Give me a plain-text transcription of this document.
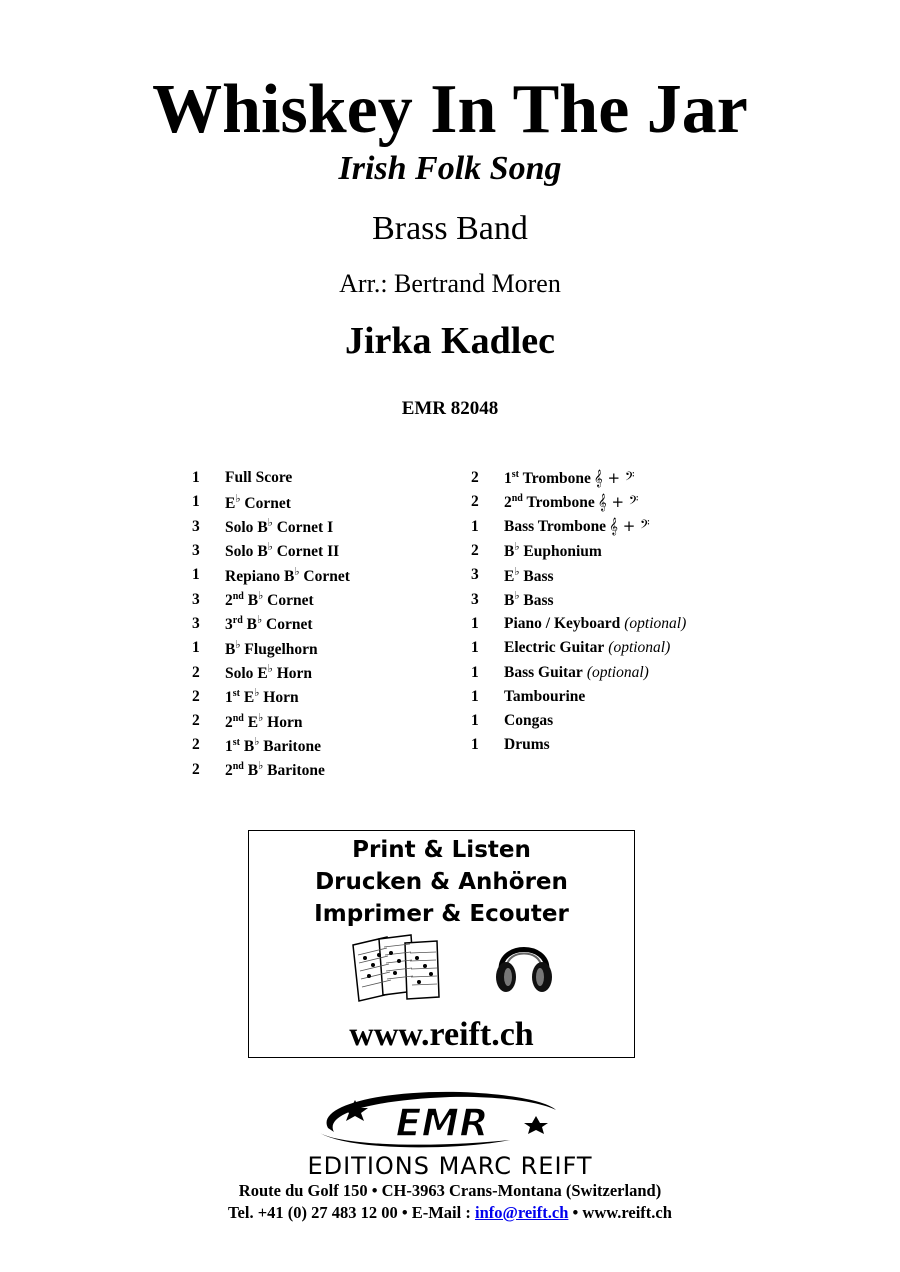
Whiskey In The Jar
Irish Folk Song
Brass Band
Arr.: Bertrand Moren
Jirka Kadlec
EMR 82048
1	Full Score
1	E♭ Cornet
3	Solo B♭ Cornet I
3	Solo B♭ Cornet II
1	Repiano B♭ Cornet
3	2nd B♭ Cornet
3	3rd B♭ Cornet
1	B♭ Flugelhorn
2	Solo E♭ Horn
2	1st E♭ Horn
2	2nd E♭ Horn
2	1st B♭ Baritone
2	2nd B♭ Baritone
2	1st Trombone 𝄞 + 𝄢
2	2nd Trombone 𝄞 + 𝄢
1	Bass Trombone 𝄞 + 𝄢
2	B♭ Euphonium
3	E♭ Bass
3	B♭ Bass
1	Piano / Keyboard (optional)
1	Electric Guitar (optional)
1	Bass Guitar (optional)
1	Tambourine
1	Congas
1	Drums
Print & Listen
Drucken & Anhören
Imprimer & Ecouter
www.reift.ch
EMR
EDITIONS MARC REIFT
Route du Golf 150 • CH-3963 Crans-Montana (Switzerland)
Tel. +41 (0) 27 483 12 00 • E-Mail : info@reift.ch • www.reift.ch
